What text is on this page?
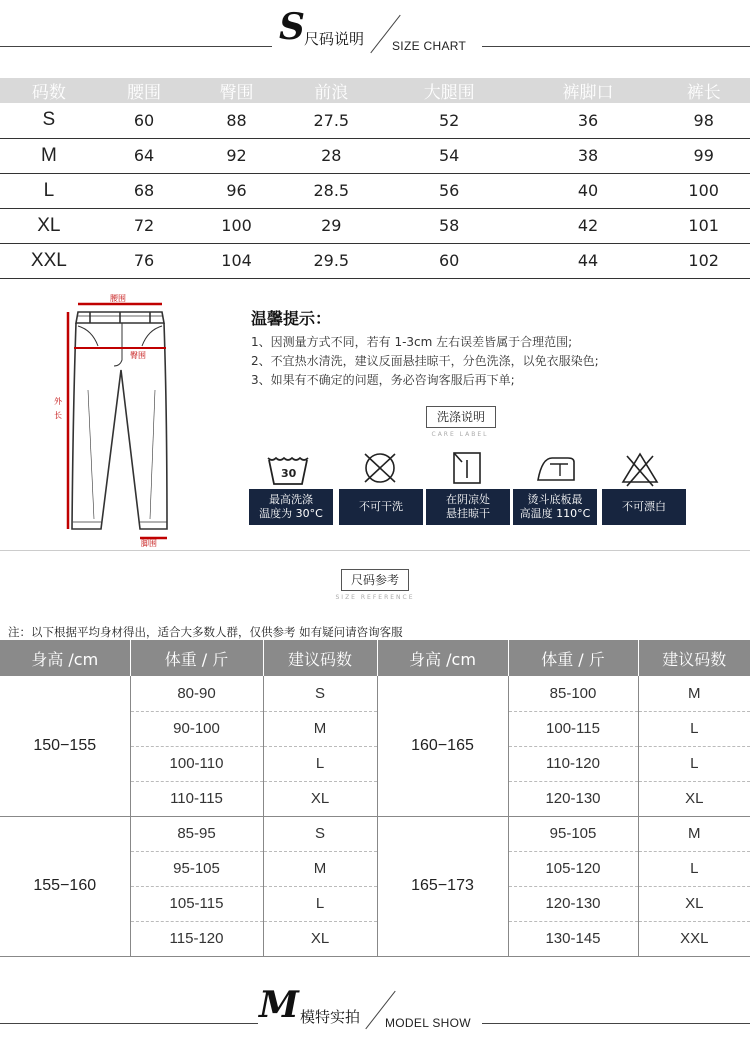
S 尺码说明 SIZE CHART
码数	腰围	臀围	前浪	大腿围	裤脚口	裤长
S	60	88	27.5	52	36	98
M	64	92	28	54	38	99
L	68	96	28.5	56	40	100
XL	72	100	29	58	42	101
XXL	76	104	29.5	60	44	102
腰围
臀围
外
长
脚围
温馨提示：
1、因测量方式不同，若有 1-3cm 左右误差皆属于合理范围;
2、不宜热水清洗，建议反面悬挂晾干，分色洗涤，以免衣服染色;
3、如果有不确定的问题，务必咨询客服后再下单;
洗涤说明
CARE LABEL
30
最高洗涤
温度为 30°C
不可干洗
在阴凉处
悬挂晾干
烫斗底板最
高温度 110°C
不可漂白
尺码参考
SIZE REFERENCE
注：以下根据平均身材得出，适合大多数人群，仅供参考 如有疑问请咨询客服
身高 /cm	体重 / 斤	建议码数	身高 /cm	体重 / 斤	建议码数
150−155	80-90	S	160−165	85-100	M
	90-100	M		100-115	L
	100-110	L		110-120	L
	110-115	XL		120-130	XL
155−160	85-95	S	165−173	95-105	M
	95-105	M		105-120	L
	105-115	L		120-130	XL
	115-120	XL		130-145	XXL
M 模特实拍 MODEL SHOW
